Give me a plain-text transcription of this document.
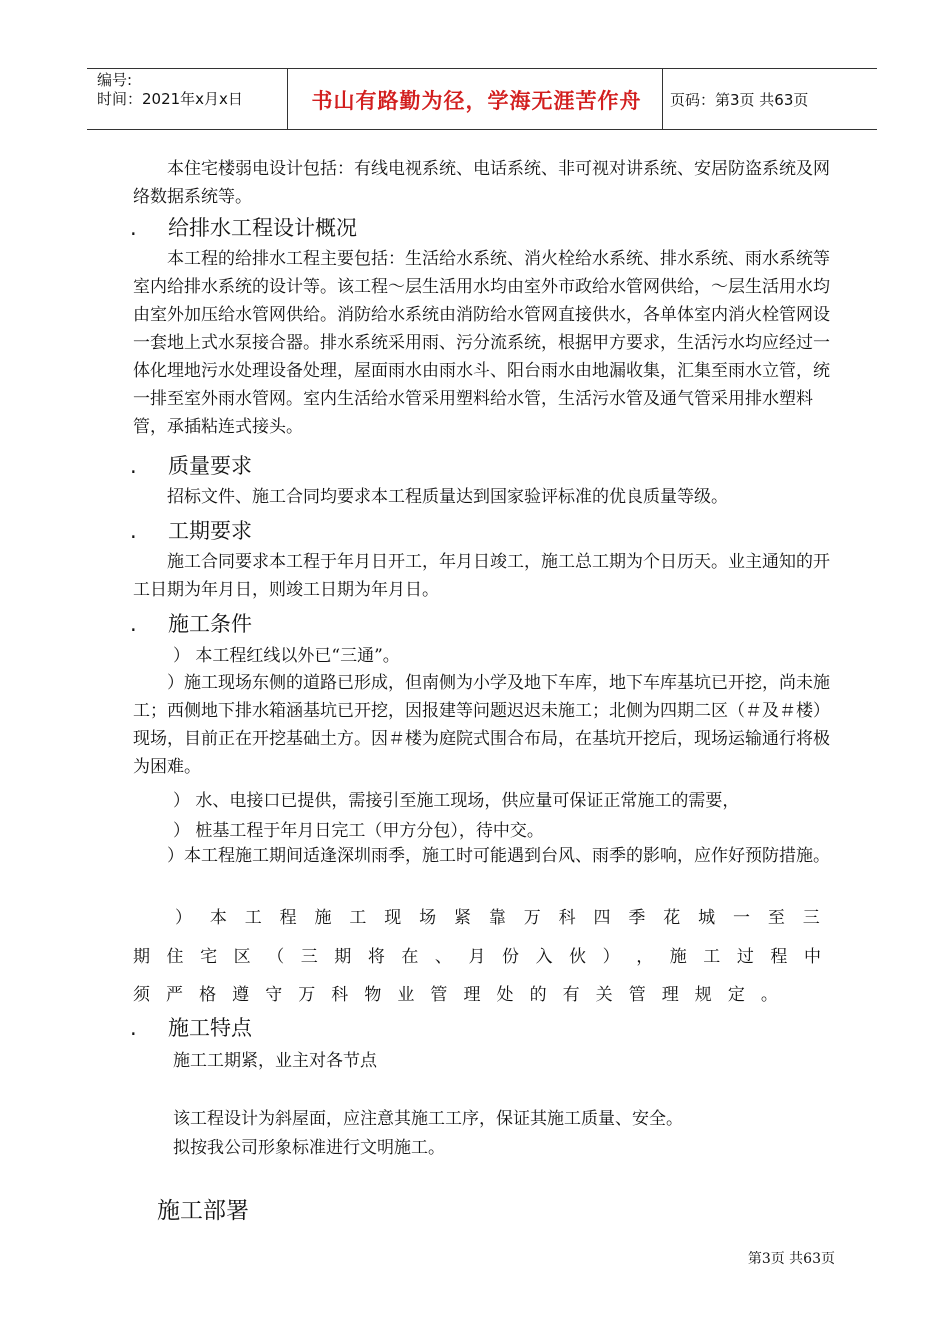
编号:
时间：2021年x月x日	书山有路勤为径，学海无涯苦作舟	页码：第3页 共63页

本住宅楼弱电设计包括：有线电视系统、电话系统、非可视对讲系统、安居防盗系统及网络数据系统等。

. 给排水工程设计概况

本工程的给排水工程主要包括：生活给水系统、消火栓给水系统、排水系统、雨水系统等室内给排水系统的设计等。该工程～层生活用水均由室外市政给水管网供给，～层生活用水均由室外加压给水管网供给。消防给水系统由消防给水管网直接供水，各单体室内消火栓管网设一套地上式水泵接合器。排水系统采用雨、污分流系统，根据甲方要求，生活污水均应经过一体化埋地污水处理设备处理，屋面雨水由雨水斗、阳台雨水由地漏收集，汇集至雨水立管，统一排至室外雨水管网。室内生活给水管采用塑料给水管，生活污水管及通气管采用排水塑料管，承插粘连式接头。

. 质量要求

招标文件、施工合同均要求本工程质量达到国家验评标准的优良质量等级。

. 工期要求

施工合同要求本工程于年月日开工，年月日竣工，施工总工期为个日历天。业主通知的开工日期为年月日，则竣工日期为年月日。

. 施工条件
） 本工程红线以外已“三通”。

）施工现场东侧的道路已形成，但南侧为小学及地下车库，地下车库基坑已开挖，尚未施工；西侧地下排水箱涵基坑已开挖，因报建等问题迟迟未施工；北侧为四期二区（＃及＃楼）现场，目前正在开挖基础土方。因＃楼为庭院式围合布局，在基坑开挖后，现场运输通行将极为困难。

） 水、电接口已提供，需接引至施工现场，供应量可保证正常施工的需要，
） 桩基工程于年月日完工（甲方分包），待中交。

）本工程施工期间适逢深圳雨季，施工时可能遇到台风、雨季的影响，应作好预防措施。

） 本 工 程 施 工 现 场 紧 靠 万 科 四 季 花 城 一 至 三
期 住 宅 区 （ 三 期 将 在 、 月 份 入 伙 ） ， 施 工 过 程 中
须 严 格 遵 守 万 科 物 业 管 理 处 的 有 关 管 理 规 定 。
. 施工特点
施工工期紧，业主对各节点
该工程设计为斜屋面，应注意其施工工序，保证其施工质量、安全。
拟按我公司形象标准进行文明施工。
施工部署
第3页 共63页
